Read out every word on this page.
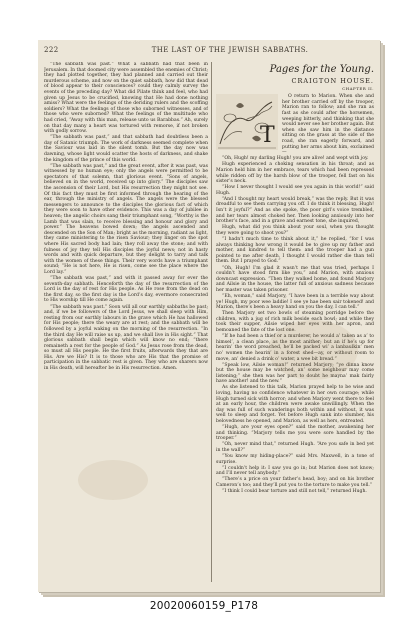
222	THE LAST OF THE JEWISH SABBATHS.

“The sabbath was past.” What a sabbath had that been in Jerusalem. In that doomed city were assembled the enemies of Christ; they had plotted together, they had planned and carried out their murderous scheme, and now on the quiet sabbath, how did that dead of blood appear to their consciences? could they calmly survey the events of the preceding day? What did Pilate think and feel, who had given up Jesus to be crucified, knowing that He had done nothing amiss? What were the feelings of the deriding rulers and the scoffing soldiers? What the feelings of those who suborned witnesses, and of those who were suborned? What the feelings of the multitude who had cried, “Away with this man, release unto us Barabbas.” Ah, surely on that day many a heart was tortured with remorse, if not broken with godly sorrow.

“The sabbath was past,” and that sabbath had doubtless been a day of Satanic triumph. The work of darkness seemed complete when the Saviour was laid in the silent tomb. But the day now was dawning, whose light would scatter the hosts of darkness, and shake the kingdom of the prince of this world.

“The sabbath was past,” and the great event, after it was past, was witnessed by no human eye; only the angels were permitted to be spectators of that solemn, that glorious event. “Sons of angels, believed on in the world, received up into glory.” The disciples saw the ascension of their Lord, but His resurrection they might not see. Of this fact they must be first informed through the hearing of the ear, through the ministry of angels. The angels were the blessed messengers to announce to the disciples the glorious fact of which they were soon to have other evidence. This was a day of jubilee in heaven; the angelic choirs sang their triumphant song, “Worthy is the Lamb that was slain, to receive blessing and honour and glory and power.” The heavens bowed down; the angels ascended and descended on the Son of Man; bright as the morning, radiant as light, they came ministering to the risen Saviour; they linger on the spot where His sacred body had lain; they roll away the stone; and with fulness of joy they tell His disciples the joyful news; not in hasty words and with quick departure, but they delight to tarry and talk with the women of these things. Their very words have a triumphant sound; “He is not here, He is risen, come see the place where the Lord lay.”

“The sabbath was past,” and with it passed away for ever the seventh-day sabbath. Henceforth the day of the resurrection of the Lord is the day of rest for His people. As He rose from the dead on the first day, so the first day is the Lord’s day, evermore consecrated to His worship till He come again.

“The sabbath was past.” Soon will all our earthly sabbaths be past; and, if we be followers of the Lord Jesus, we shall sleep with Him, resting from our earthly labours in the grave which He has hallowed for His people; there the weary are at rest; and the sabbath will be followed by a joyful waking on the morning of the resurrection. “In the third day He will raise us up, and we shall live in His sight.” That glorious sabbath shall begin which will know no end; “there remaineth a rest for the people of God.” As Jesus rose from the dead, so must all His people. He the first fruits, afterwards they that are His. Are we His? It is to those who are His that the promise of participation in the sabbatic rest is given. They who are sharers now in His death, will hereafter be in His resurrection. Amen.

Pages for the Young.
CRAIGTON HOUSE.
CHAPTER II.
T

O return to Marion. When she and her brother carried off by the trooper, Marion ran to follow; and she ran as fast as she could after the horsemen, weeping bitterly, and thinking that she would never see her brother again. But when she saw him in the distance sitting on the grass at the side of the road, she ran eagerly forward, and putting her arms about him, exclaimed—

“Oh, Hugh! my darling Hugh! you are alive! and wept with joy.

Hugh experienced a choking sensation in his throat; and as Marion held him in her embrace, tears which had been repressed while ridden off by the harsh blow of the trooper, fell fast on his sister’s neck.

“How I never thought I would see you again in this world!” said Hugh.

“And I thought my heart would break,” was the reply. But it was dreadful to see them carrying you off. I do think it blessing, Hugh! Isn’t it joyful?” And as she spoke, the poor girl’s voice trembled, and her tears almost choked her. Then looking anxiously into her brother’s face, and in a grave and earnest tone, she inquired,

Hugh, what did you think about your soul, when you thought they were going to shoot you?”

“I hadn’t much time to think about it,” he replied, “for I was always thinking how wrong it would be to give up my father and mother, and kindred to tell them: and the trooper had a gun pointed to me after death, I thought I would rather die than tell them. But I prayed to God.”

“Oh, Hugh! I’m glad it wasn’t me that was tried, perhaps I couldn’t have stood firm like you,” and Marion, with anxious downcast expression. “Then they walked home, and found Marjory and Ailsie in the house, the latter full of anxious sadness because her master was taken prisoner.

“Eh, woman,” said Marjory, “I have been in a terrible way about ye! Hugh, my poor wee laddie! I see ye hae been sair tokened! and Marion, there’s been a heavy hand on you the day, I can tell.”

Then Marjory set two bowls of steaming porridge before the children, with a jug of rich milk beside each bowl; and while they took their supper, Ailsie wiped her eyes with her apron, and bemoaned the fate of the lost one.

“If he had been a thief or a murderer, he would a’ taken as a’ to himsel’, a clean place, as the most anither; but an if he’s up for hearin’ the word preached, he’ll be packed wi’ a lanbaulkin’ men no’ women the hearin’ in a forest shed—ay, or without room to move, an’ denied a drink o’ water, a wee bit bread.”

“Speak low, Ailsie woman!” returned Marjory; “ye dinna know but the house may be watched, an’ some neighbour may come listening;” she then was her part to doubt he mayna’ mak fairly have another! and the new.”

As she listened to this talk, Marion prayed help to be wise and loving, having no confidence whatever in her own courage; while Hugh turned sick with horror; and when Marjory went there to feel at an early hour, the children were awake unwillingly. When the day was full of such wanderings both within and without, it was well to sleep and forget. Yet before Hugh sank into slumber, his belovedness he opened, and Marion, as well as hers, entreated.

“Hugh, are your eyes open?” said the mother, awakening her and thinking. “Marjory tells me you were sore handled by the trooper.”

“Oh, never mind that,” returned Hugh. “Are you safe in bed yet in the wall?”

“You know my hiding-place?” said Mrs. Maxwell, in a tone of surprise.

“I couldn’t help it: I saw you go in; but Marion does not know; and I’ll never tell anybody.”

“There’s a price on your father’s head, boy; and on his brother Cameron’s too; and they’ll put you to the torture to make you tell.”

“I think I could bear torture and still not tell,” returned Hugh.

20020060159_P178
